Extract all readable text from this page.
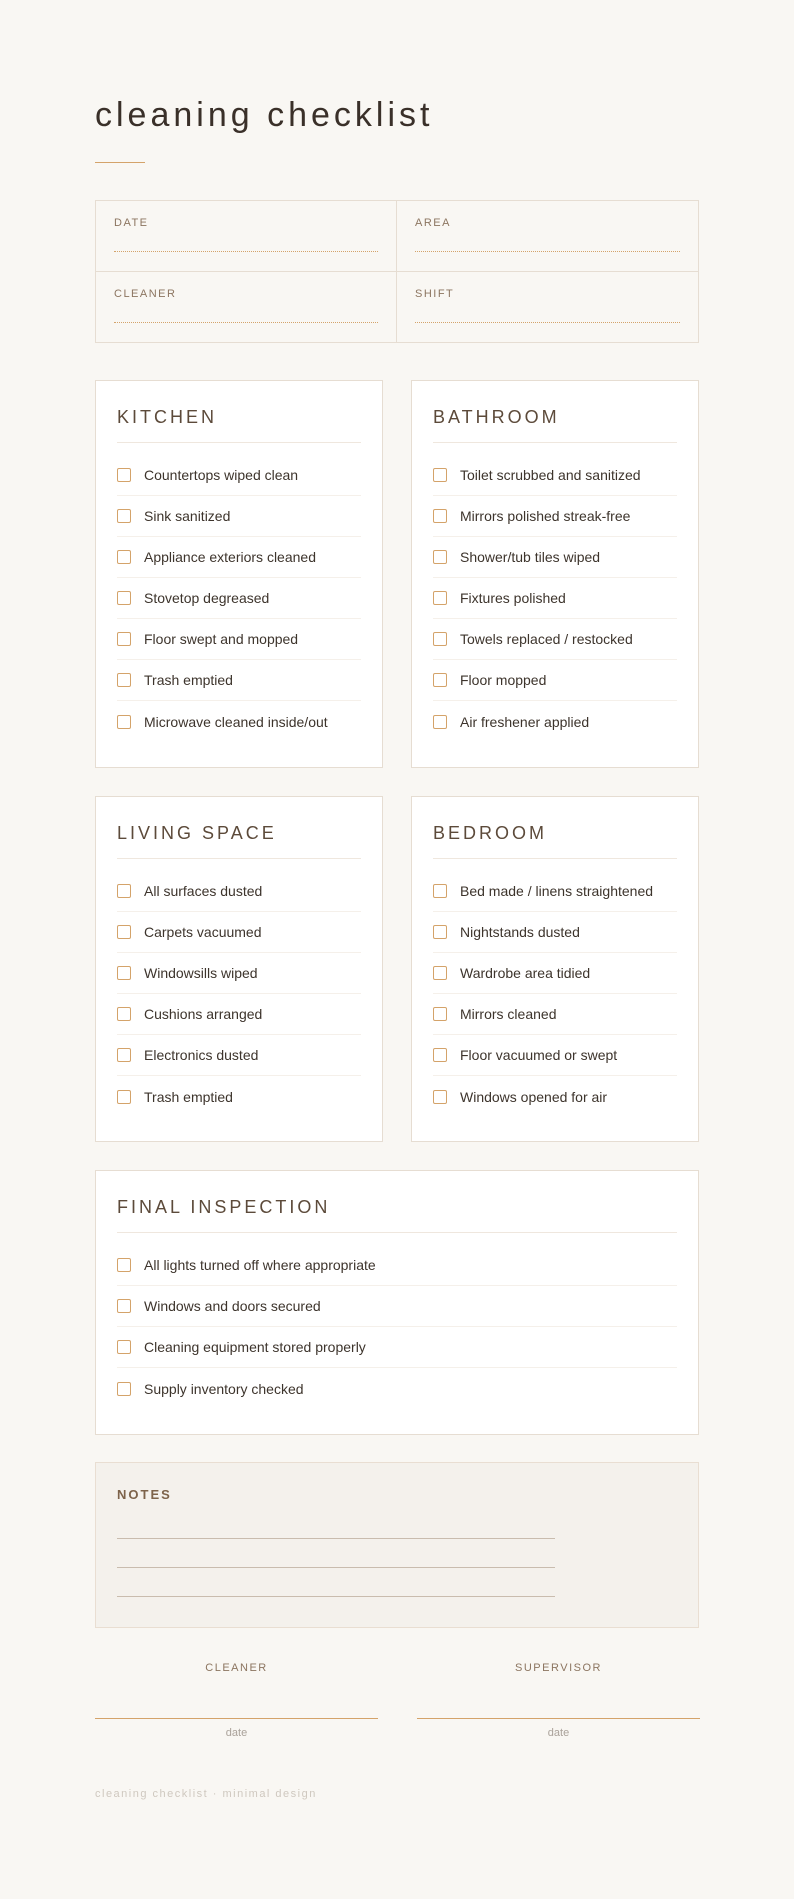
cleaning checklist
DATE	AREA
CLEANER	SHIFT
KITCHEN
Countertops wiped clean
Sink sanitized
Appliance exteriors cleaned
Stovetop degreased
Floor swept and mopped
Trash emptied
Microwave cleaned inside/out
BATHROOM
Toilet scrubbed and sanitized
Mirrors polished streak-free
Shower/tub tiles wiped
Fixtures polished
Towels replaced / restocked
Floor mopped
Air freshener applied
LIVING SPACE
All surfaces dusted
Carpets vacuumed
Windowsills wiped
Cushions arranged
Electronics dusted
Trash emptied
BEDROOM
Bed made / linens straightened
Nightstands dusted
Wardrobe area tidied
Mirrors cleaned
Floor vacuumed or swept
Windows opened for air
FINAL INSPECTION
All lights turned off where appropriate
Windows and doors secured
Cleaning equipment stored properly
Supply inventory checked
NOTES
CLEANER
date
SUPERVISOR
date
cleaning checklist · minimal design
